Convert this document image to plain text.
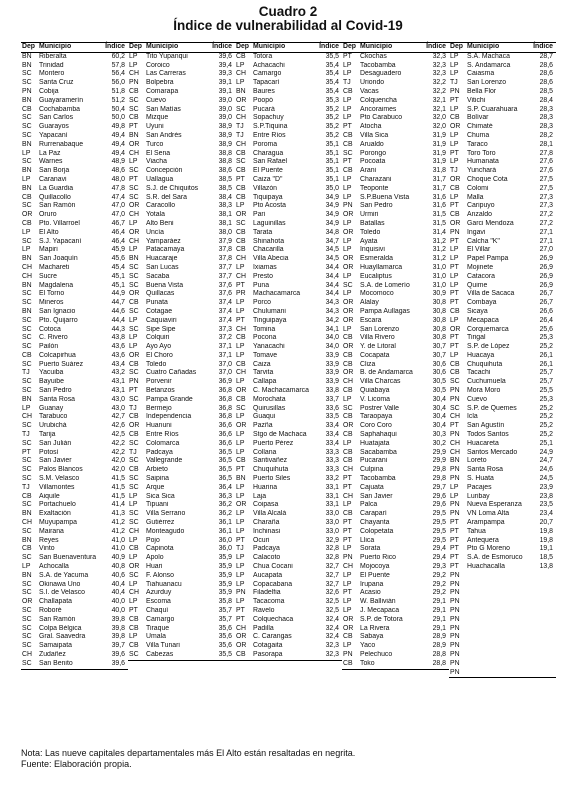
Cuadro 2
Índice de vulnerabilidad al Covid-19
Dep Municipio	Índice
BN	Riberalta	60,2
BN	Trinidad	57,8
SC	Montero	56,4
SC	Santa Cruz	56,0
PN	Cobija	51,8
BN	Guayaramerín	51,2
CB	Cochabamba	50,4
SC	San Carlos	50,0
SC	Guarayos	49,8
SC	Yapacaní	49,4
BN	Rurrenabaque	49,4
LP	La Paz	49,4
SC	Warnes	48,9
BN	San Borja	48,6
LP	Caranavi	48,0
BN	La Guardia	47,8
CB	Quillacollo	47,4
SC	San Ramón	47,0
OR Oruro	47,0
CB	Pto. Villarroel	46,7
LP	El Alto	46,4
SC	S.J. Yapacaní	46,4
LP	Mapiri	45,9
BN	San Joaquín	45,6
CH	Machareti	45,4
CH	Sucre	45,1
BN	Magdalena	45,1
SC	El Torno	44,9
SC	Mineros	44,7
BN	San Ignacio	44,6
SC	Pto. Quijarro	44,4
SC	Cotoca	44,3
SC	C. Rivero	43,8
SC	Pailón	43,6
CB	Colcapirhua	43,6
SC	Puerto Suárez	43,4
TJ	Yacuiba	43,2
SC	Bayuibe	43,1
SC	San Pedro	43,1
BN	Santa Rosa	43,0
LP	Guanay	43,0
CH	Tarabuco	42,7
SC	Urubichá	42,6
TJ	Tarija	42,5
SC	San Julián	42,2
PT	Potosí	42,2
SC	San Javier	42,0
SC	Palos Blancos	42,0
SC	S.M. Velasco	41,5
TJ	Villamontes	41,5
CB	Aiquile	41,5
SC	Portachuelo	41,4
BN	Exaltación	41,3
CH	Muyupampa	41,2
SC	Mairana	41,2
BN	Reyes	41,0
CB	Vinto	41,0
SC	San Buenaventura	40,9
LP	Achocalla	40,8
BN	S.A. de Yacuma	40,6
SC	Okinawa Uno	40,4
SC	S.I. de Velasco	40,4
OR Challapata	40,0
SC	Roboré	40,0
SC	San Ramón	39,8
SC	Colpa Bélgica	39,8
SC	Gral. Saavedra	39,8
SC	Samaipata	39,7
CH	Zudañez	39,6
SC	San Benito	39,6
Dep Municipio	Índice
LP	Tito Yupanqui	39,6
LP	Coroico	39,4
CH	Las Carreras	39,3
PN	Bolpebra	39,1
CB	Comarapa	39,1
SC	Cuevo	39,0
SC	San Matías	39,0
CB	Mizque	39,0
PT	Uyuni	38,9
BN	San Andrés	38,9
OR Turco	38,9
CH	El Sena	38,8
LP	Viacha	38,8
SC	Concepción	38,6
PT	Uallagua	38,5
SC	S.J. de Chiquitos	38,5
SC	S.R. del Sara	38,4
OR Caracollo	38,3
CH	Yotala	38,1
LP	Alto Beni	38,1
OR Uncía	38,0
CH	Yamparáez	37,9
LP	Patacamaya	37,8
BN	Huacaraje	37,8
SC	San Lucas	37,7
SC	Sacaba	37,7
SC	Buena Vista	37,6
OR Quillacas	37,6
CB	Punata	37,4
SC	Cotagae	37,4
LP	Caquiaviri	37,4
SC	Sipe Sipe	37,3
LP	Colquiri	37,2
LP	Ayo Ayo	37,1
OR El Choro	37,1
CB	Toledo	37,0
SC	Cuatro Cañadas	37,0
PN	Porvenir	36,9
PT	Betanzos	36,8
SC	Pampa Grande	36,8
TJ	Bermejo	36,8
CB	Independencia	36,8
OR Huanuni	36,6
CB	Entre Ríos	36,6
SC	Colomarca	36,6
TJ	Padcaya	36,5
SC	Vallegrande	36,5
CB	Arbieto	36,5
SC	Saipina	36,5
SC	Arque	36,4
LP	Sica Sica	36,3
LP	Tipuani	36,2
SC	Villa Serrano	36,2
SC	Gutiérrez	36,1
CH	Monteagudo	36,1
LP	Pojo	36,0
CB	Capinota	36,0
LP	Apolo	35,9
OR Huari	35,9
SC	F. Alonso	35,9
LP	Tiahuanacu	35,9
CH	Azurduy	35,9
LP	Escoma	35,8
PT	Chaquí	35,7
CB	Camargo	35,7
CB	Tiraque	35,6
LP	Umala	35,6
CB	Villa Tunari	35,6
SC	Cabezas	35,5
Dep Municipio	Índice
CB	Totora	35,5
LP	Achacachi	35,4
CH	Camargo	35,4
LP	Tapacarí	35,4
BN	Baures	35,4
OR Poopó	35,3
SC	Pucará	35,2
CH	Sopachuy	35,2
TJ	S.P.Tiquina	35,2
TJ	Entre Ríos	35,2
CH	Poroma	35,1
CB	Charagua	35,1
SC	San Rafael	35,1
CB	El Puente	35,1
PT	Caiza "D"	35,1
CB	Villazón	35,0
CB	Tiquipaya	34,9
LP	Pto Acosta	34,9
OR Pari	34,9
SC	Laguinillas	34,9
CB	Tarata	34,8
CB	Shinahota	34,7
CB	Chacarilla	34,5
CH	Villa Abecia	34,5
LP	Ixiamas	34,4
CH	Presto	34,4
PT	Puna	34,4
PR	Machacamarca	34,4
LP	Porco	34,3
LP	Chulumani	34,3
PT	Tinguipaya	34,2
CH	Tomina	34,1
CB	Pocona	34,0
LP	Yanacachi	34,0
LP	Tomave	33,9
CB	Caiza	33,9
CH	Tarvita	33,9
LP	Callapa	33,9
OR C. Machacamarca	33,8
CB	Morochata	33,7
SC	Quirusillas	33,6
LP	Guaqui	33,5
OR Pazña	33,4
LP	Stgo de Machaca	33,4
LP	Puerto Pérez	33,4
LP	Collana	33,3
CB	Santivañez	33,3
PT	Chuquihuta	33,3
BN	Puerto Siles	33,2
LP	Huarina	33,1
LP	Laja	33,1
OR Coipasa	33,1
LP	Villa Alcalá	33,0
LP	Charaña	33,0
LP	Inchinasi	33,0
PT	Ocuri	32,9
TJ	Padcaya	32,8
LP	Calacoto	32,8
LP	Chua Cocani	32,7
LP	Aucapata	32,7
LP	Copacabana	32,7
PN	Filadelfia	32,6
LP	Tacacoma	32,5
PT	Ravelo	32,5
PT	Colquechaca	32,4
CH	Padilla	32,4
OR C. Carangas	32,4
OR Cotagaita	32,3
CB	Pasorapa	32,3
Dep Municipio	Índice
PT	Ckochas	32,3
LP	Tacobamba	32,3
LP	Desaguadero	32,3
TJ	Uriondo	32,2
CB	Vacas	32,2
LP	Colquencha	32,1
LP	Ancoraimes	32,1
LP	Pto Carabuco	32,0
PT	Atocha	32,0
CB	Villa Sica	31,9
CB	Arualdo	31,9
SC	Porongo	31,9
PT	Pocoata	31,9
CB	Arani	31,8
LP	Charazani	31,7
LP	Teoponte	31,7
LP	S.P.Buena Vista	31,6
PN	San Pedro	31,6
OR Urmiri	31,5
LP	Batallas	31,5
OR Toledo	31,4
LP	Ayata	31,2
LP	Inquisivi	31,2
OR Esmeralda	31,2
OR Huayllamarca	31,0
LP	Eucaliptus	31,0
SC	S.A. de Lomerío	31,0
LP	Mocomoco	30,9
OR Alalay	30,8
OR Pampa Aullagas	30,8
OR Escara	30,8
LP	San Lorenzo	30,8
CB	Villa Rivero	30,8
OR Y. de Litoral	30,7
CB	Cocapata	30,7
CB	Cliza	30,6
OR B. de Andamarca	30,6
CH	Villa Charcas	30,5
CB	Quiabaya	30,5
LP	V. Licoma	30,4
SC	Postrer Valle	30,4
CB	Taraopaya	30,4
OR Coro Coro	30,4
CB	Saphahaqui	30,3
LP	Huatajata	30,2
CB	Sacabamba	29,9
CB	Pucarani	29,9
CH	Culpina	29,8
PT	Tacobamba	29,8
PT	Cajuata	29,7
CH	San Javier	29,6
LP	Palca	29,6
CB	Caraparí	29,5
PT	Chayanta	29,5
PT	Colopetata	29,5
PT	Llica	29,5
LP	Sorata	29,4
PN	Puerto Rico	29,4
CH	Mojocoya	29,3
LP	El Puente	29,2
LP	Irupana	29,2
PT	Acasio	29,2
LP	W. Ballivián	29,1
LP	J. Mecapaca	29,1
OR S.P. de Totora	29,1
OR La Rivera	29,1
CB	Sabaya	28,9
LP	Yaco	28,9
PN	Pelechuco	28,8
CB	Toko	28,8
Dep Municipio	Índice
LP	S.A. Machaca	28,7
LP	S. Andamarca	28,6
LP	Caiasma	28,6
TJ	San Lorenzo	28,6
PN	Bella Flor	28,5
PT	Vitichi	28,4
LP	S.P. Cuarahuara	28,3
CB	Bolívar	28,3
OR Chimaté	28,3
LP	Chuma	28,2
LP	Taraco	28,1
PT	Toro Toro	27,8
LP	Humanata	27,6
TJ	Yunchará	27,6
OR Choque Cota	27,5
CB	Colomi	27,5
LP	Malla	27,3
PT	Caripuyo	27,3
CB	Anzaldo	27,2
OR Garci Mendoza	27,2
PN	Ingavi	27,1
PT	Calcha "K"	27,1
LP	El Villar	27,0
LP	Papel Pampa	26,9
PT	Mojinete	26,9
LP	Catacora	26,9
LP	Quime	26,9
PT	Villa de Sacaca	26,7
PT	Combaya	26,7
CB	Sicaya	26,6
LP	Mecapaca	26,4
OR Corquemarca	25,6
PT	Tirigal	25,3
PT	S.P. de López	25,2
LP	Huacaya	26,1
CB	Chuquihuta	26,1
CB	Tacachi	25,7
SC	Cuchumuela	25,7
PN	Mora Moro	25,5
PN	Cuevo	25,3
SC	S.P. de Quemes	25,2
CH	Icla	25,2
PT	San Agustín	25,2
PN	Todos Santos	25,2
CH	Huacareta	25,1
CH	Santos Mercado	24,9
BN	Loreto	24,7
PN	Santa Rosa	24,6
PN	S. Huata	24,5
LP	Pacajes	23,9
LP	Luribay	23,8
PN	Nueva Esperanza	23,5
PN	VN Loma Alta	23,4
PT	Arampampa	20,7
PT	Tahua	19,8
PT	Antequera	19,8
PT	Pto G Moreno	19,1
PT	S.A. de Esmoruco	18,5
PT	Huachacalla	13,8
PN
PN
PN
PN
PN
PN
PN
PN
PN
PN
PN
PN
Nota: Las nueve capitales departamentales más El Alto están resaltadas en negrita.
Fuente: Elaboración propia.
